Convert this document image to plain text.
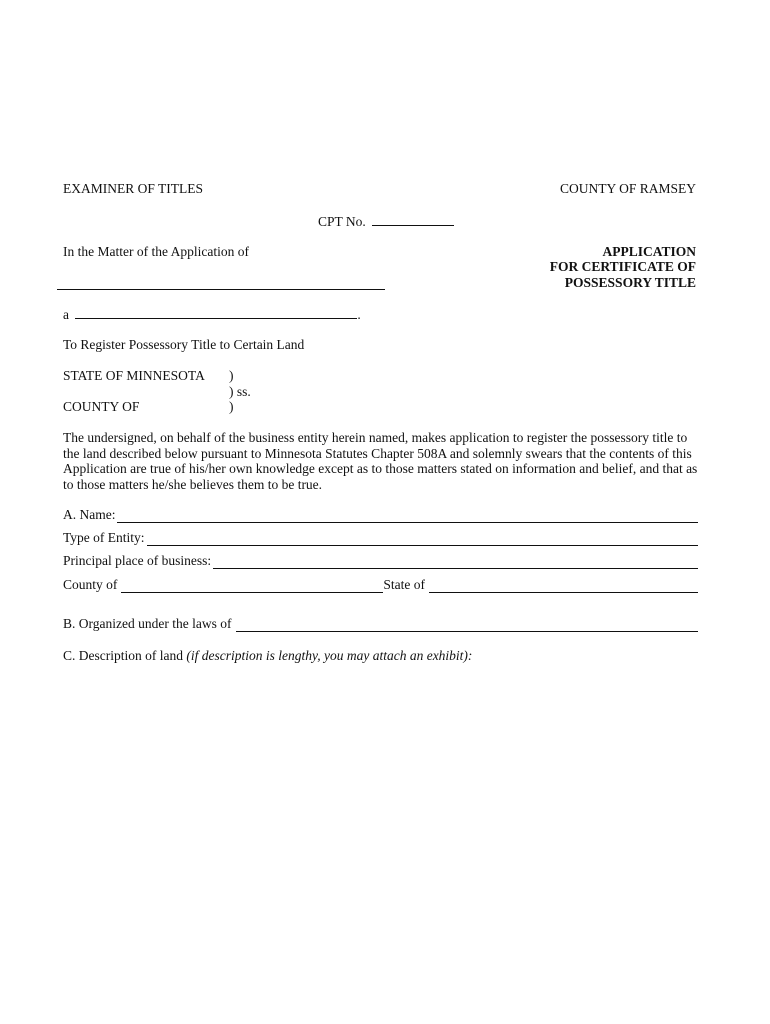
EXAMINER OF TITLES	COUNTY OF RAMSEY
CPT No.
In the Matter of the Application of	APPLICATION
FOR CERTIFICATE OF
POSSESSORY TITLE
a	.
To Register Possessory Title to Certain Land
STATE OF MINNESOTA )
) ss.
COUNTY OF	)
The undersigned, on behalf of the business entity herein named, makes application to register the possessory title to the land described below pursuant to Minnesota Statutes Chapter 508A and solemnly swears that the contents of this Application are true of his/her own knowledge except as to those matters stated on information and belief, and that as to those matters he/she believes them to be true.
A. Name:
Type of Entity:
Principal place of business:
County of	State of
B. Organized under the laws of
C. Description of land (if description is lengthy, you may attach an exhibit):
